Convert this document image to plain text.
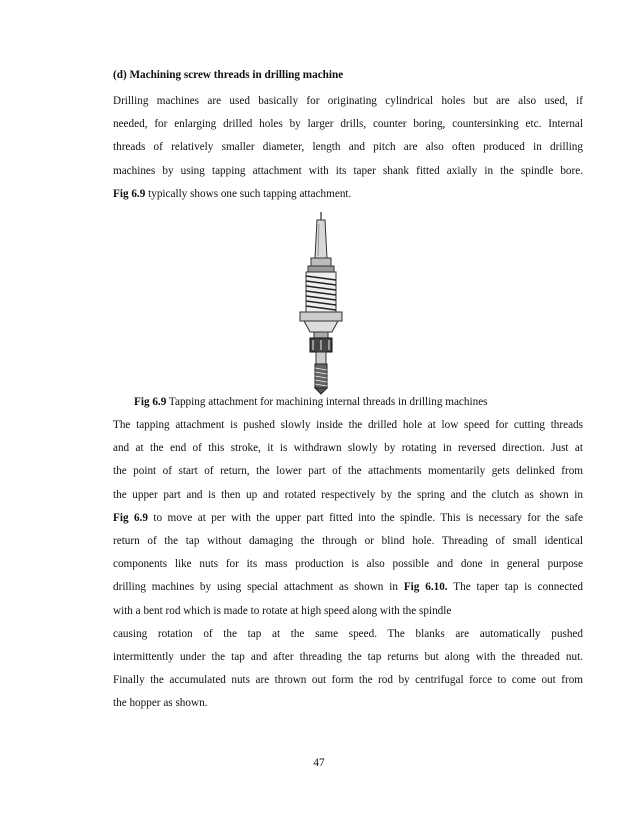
(d) Machining screw threads in drilling machine

Drilling machines are used basically for originating cylindrical holes but are also used, if
needed, for enlarging drilled holes by larger drills, counter boring, countersinking etc. Internal
threads of relatively smaller diameter, length and pitch are also often produced in drilling
machines by using tapping attachment with its taper shank fitted axially in the spindle bore.
Fig 6.9 typically shows one such tapping attachment.

Fig 6.9 Tapping attachment for machining internal threads in drilling machines

The tapping attachment is pushed slowly inside the drilled hole at low speed for cutting threads
and at the end of this stroke, it is withdrawn slowly by rotating in reversed direction. Just at
the point of start of return, the lower part of the attachments momentarily gets delinked from
the upper part and is then up and rotated respectively by the spring and the clutch as shown in
Fig 6.9 to move at per with the upper part fitted into the spindle. This is necessary for the safe
return of the tap without damaging the through or blind hole. Threading of small identical
components like nuts for its mass production is also possible and done in general purpose
drilling machines by using special attachment as shown in Fig 6.10. The taper tap is connected
with a bent rod which is made to rotate at high speed along with the spindle
causing rotation of the tap at the same speed. The blanks are automatically pushed
intermittently under the tap and after threading the tap returns but along with the threaded nut.
Finally the accumulated nuts are thrown out form the rod by centrifugal force to come out from
the hopper as shown.

47
